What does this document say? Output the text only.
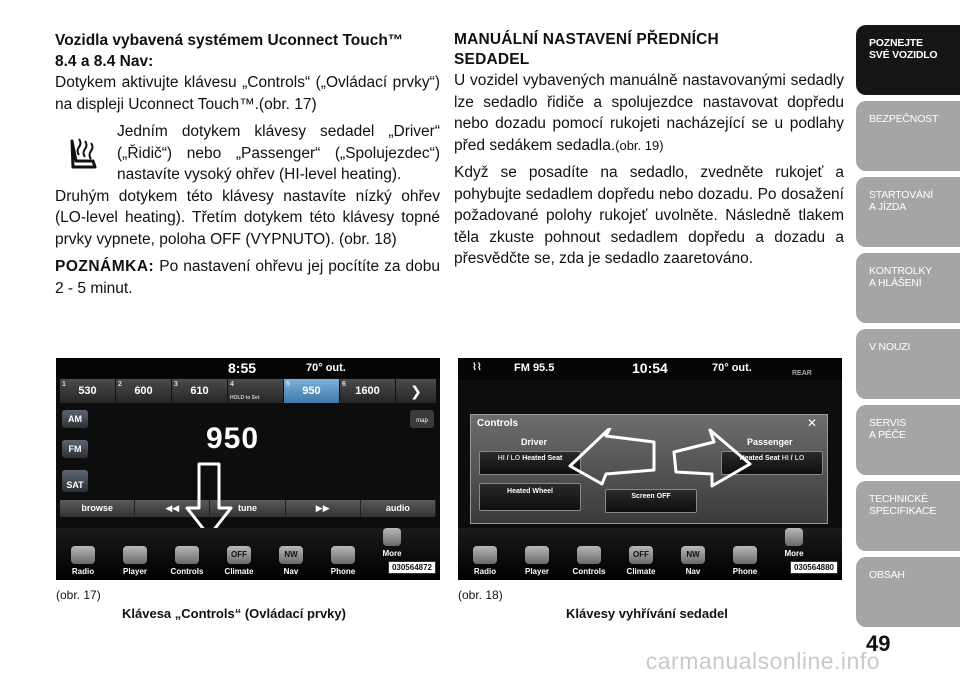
Vozidla vybavená systémem Uconnect Touch™
8.4 a 8.4 Nav:

Dotykem aktivujte klávesu „Controls“ („Ovládací prvky“) na displeji Uconnect Touch™.(obr. 17)

Jedním dotykem klávesy sedadel „Driver“ („Řidič“) nebo „Passenger“ („Spolujezdec“) nastavíte vysoký ohřev (HI-level heating).

Druhým dotykem této klávesy nastavíte nízký ohřev (LO-level heating). Třetím dotykem této klávesy topné prvky vypnete, poloha OFF (VYPNUTO). (obr. 18)

POZNÁMKA: Po nastavení ohřevu jej pocítíte za dobu 2 - 5 minut.

MANUÁLNÍ NASTAVENÍ PŘEDNÍCH
SEDADEL

U vozidel vybavených manuálně nastavovanými sedadly lze sedadlo řidiče a spolujezdce nastavovat dopředu nebo dozadu pomocí rukojeti nacházející se u podlahy před sedákem sedadla.(obr. 19)

Když se posadíte na sedadlo, zvedněte rukojeť a pohybujte sedadlem dopředu nebo dozadu. Po dosažení požadované polohy rukojeť uvolněte. Následně tlakem těla zkuste pohnout sedadlem dopředu a dozadu a přesvědčte se, zda je sedadlo zaaretováno.

8:55	70° out.
1
530
2
600
3
610
4
HOLD to Set
5
950
6
1600	❯
AM
FM
SAT
map
950
browse	◀◀	tune	▶▶	audio
Radio	Player	Controls
OFF
Climate
NW
Nav	Phone
More
030564872
(obr. 17)
Klávesa „Controls“ (Ovládací prvky)
⌇⌇	FM 95.5	10:54	70° out.	REAR
Controls	✕
Driver	Passenger
HI / LO Heated Seat	Heated Seat HI / LO
Heated Wheel
Screen OFF
Radio	Player	Controls
OFF
Climate
NW
Nav	Phone
More
030564880
(obr. 18)
Klávesy vyhřívání sedadel
POZNEJTE
SVÉ VOZIDLO
BEZPEČNOST
STARTOVÁNÍ
A JÍZDA
KONTROLKY
A HLÁŠENÍ
V NOUZI
SERVIS
A PÉČE
TECHNICKÉ
SPECIFIKACE
OBSAH
49
carmanualsonline.info
